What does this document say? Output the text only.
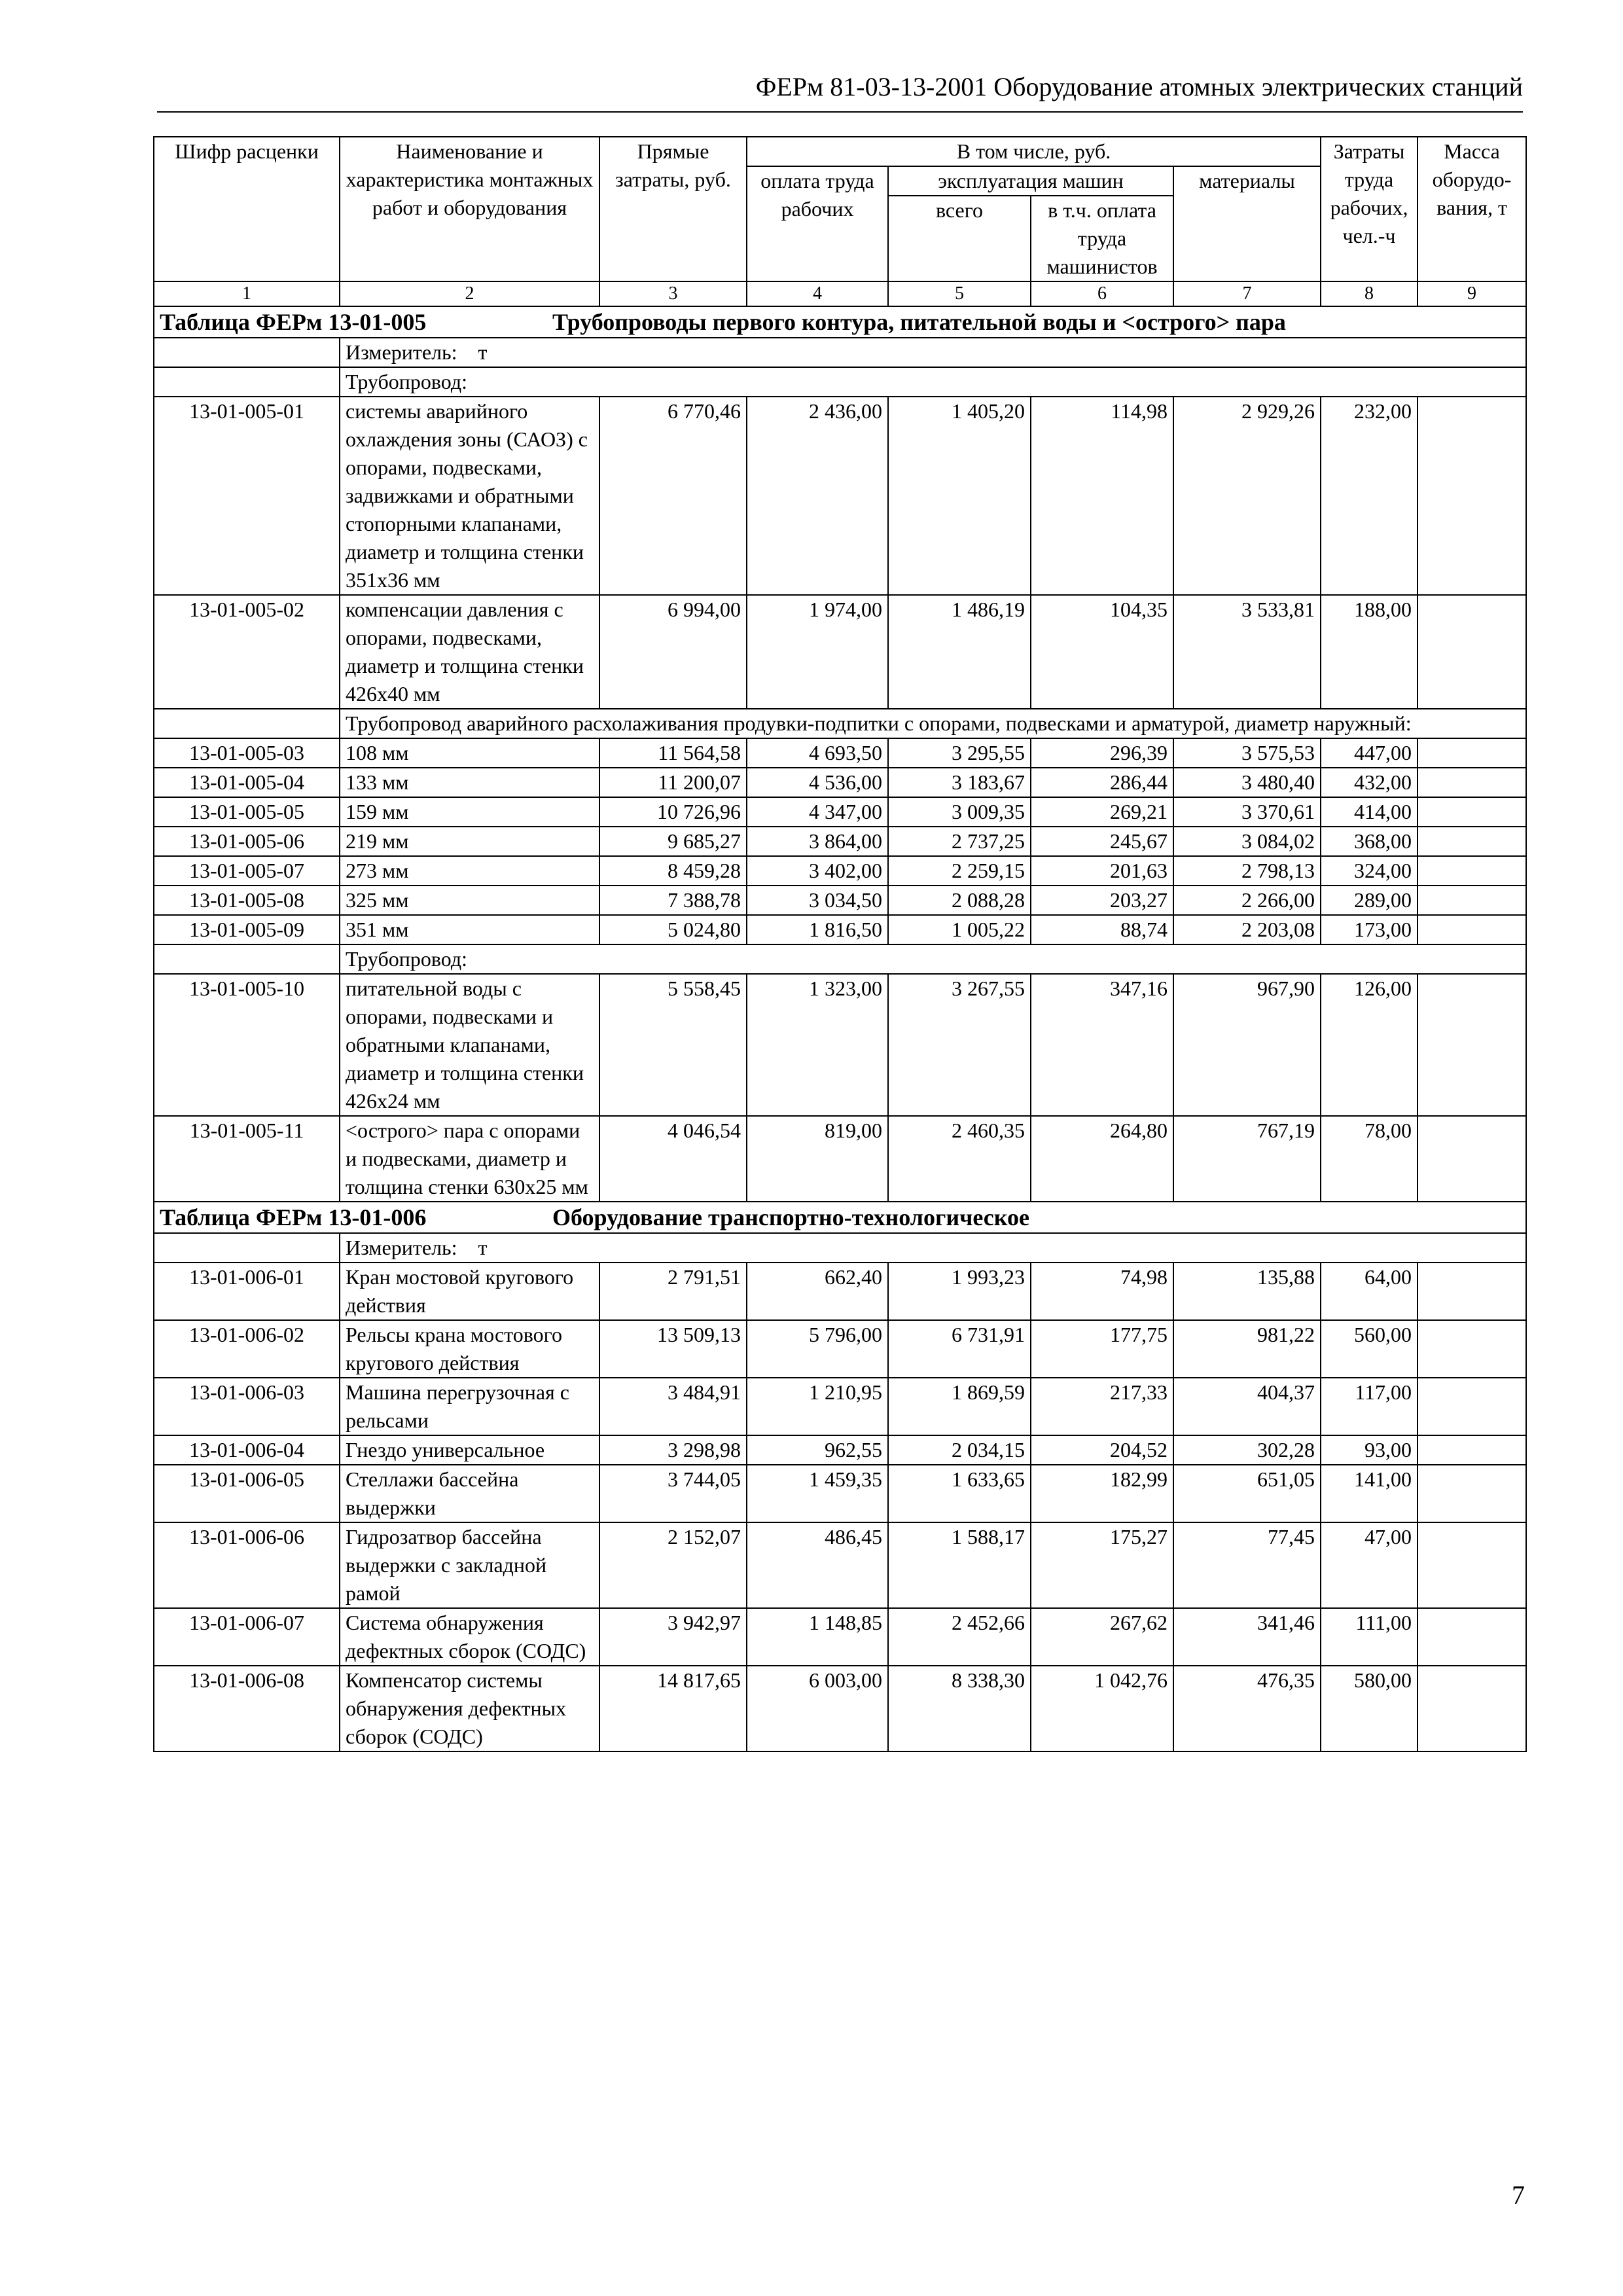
ФЕРм 81-03-13-2001 Оборудование атомных электрических станций
Шифр расценки	Наименование и характеристика монтажных работ и оборудования	Прямые затраты, руб.	В том числе, руб.				Затраты труда рабочих, чел.-ч	Масса оборудо-вания, т
			оплата труда рабочих	эксплуатация машин		материалы		
				всего	в т.ч. оплата труда машинистов			
1	2	3	4	5	6	7	8	9
Таблица ФЕРм 13-01-005 Трубопроводы первого контура, питательной воды и <острого> пара								
	Измеритель: т							
	Трубопровод:							
13-01-005-01	системы аварийного охлаждения зоны (САОЗ) с опорами, подвесками, задвижками и обратными стопорными клапанами, диаметр и толщина стенки 351х36 мм	6 770,46	2 436,00	1 405,20	114,98	2 929,26	232,00	
13-01-005-02	компенсации давления с опорами, подвесками, диаметр и толщина стенки 426х40 мм	6 994,00	1 974,00	1 486,19	104,35	3 533,81	188,00	
	Трубопровод аварийного расхолаживания продувки-подпитки с опорами, подвесками и арматурой, диаметр наружный:							
13-01-005-03	108 мм	11 564,58	4 693,50	3 295,55	296,39	3 575,53	447,00	
13-01-005-04	133 мм	11 200,07	4 536,00	3 183,67	286,44	3 480,40	432,00	
13-01-005-05	159 мм	10 726,96	4 347,00	3 009,35	269,21	3 370,61	414,00	
13-01-005-06	219 мм	9 685,27	3 864,00	2 737,25	245,67	3 084,02	368,00	
13-01-005-07	273 мм	8 459,28	3 402,00	2 259,15	201,63	2 798,13	324,00	
13-01-005-08	325 мм	7 388,78	3 034,50	2 088,28	203,27	2 266,00	289,00	
13-01-005-09	351 мм	5 024,80	1 816,50	1 005,22	88,74	2 203,08	173,00	
	Трубопровод:							
13-01-005-10	питательной воды с опорами, подвесками и обратными клапанами, диаметр и толщина стенки 426х24 мм	5 558,45	1 323,00	3 267,55	347,16	967,90	126,00	
13-01-005-11	<острого> пара с опорами и подвесками, диаметр и толщина стенки 630х25 мм	4 046,54	819,00	2 460,35	264,80	767,19	78,00	
Таблица ФЕРм 13-01-006 Оборудование транспортно-технологическое								
	Измеритель: т							
13-01-006-01	Кран мостовой кругового действия	2 791,51	662,40	1 993,23	74,98	135,88	64,00	
13-01-006-02	Рельсы крана мостового кругового действия	13 509,13	5 796,00	6 731,91	177,75	981,22	560,00	
13-01-006-03	Машина перегрузочная с рельсами	3 484,91	1 210,95	1 869,59	217,33	404,37	117,00	
13-01-006-04	Гнездо универсальное	3 298,98	962,55	2 034,15	204,52	302,28	93,00	
13-01-006-05	Стеллажи бассейна выдержки	3 744,05	1 459,35	1 633,65	182,99	651,05	141,00	
13-01-006-06	Гидрозатвор бассейна выдержки с закладной рамой	2 152,07	486,45	1 588,17	175,27	77,45	47,00	
13-01-006-07	Система обнаружения дефектных сборок (СОДС)	3 942,97	1 148,85	2 452,66	267,62	341,46	111,00	
13-01-006-08	Компенсатор системы обнаружения дефектных сборок (СОДС)	14 817,65	6 003,00	8 338,30	1 042,76	476,35	580,00	
7
